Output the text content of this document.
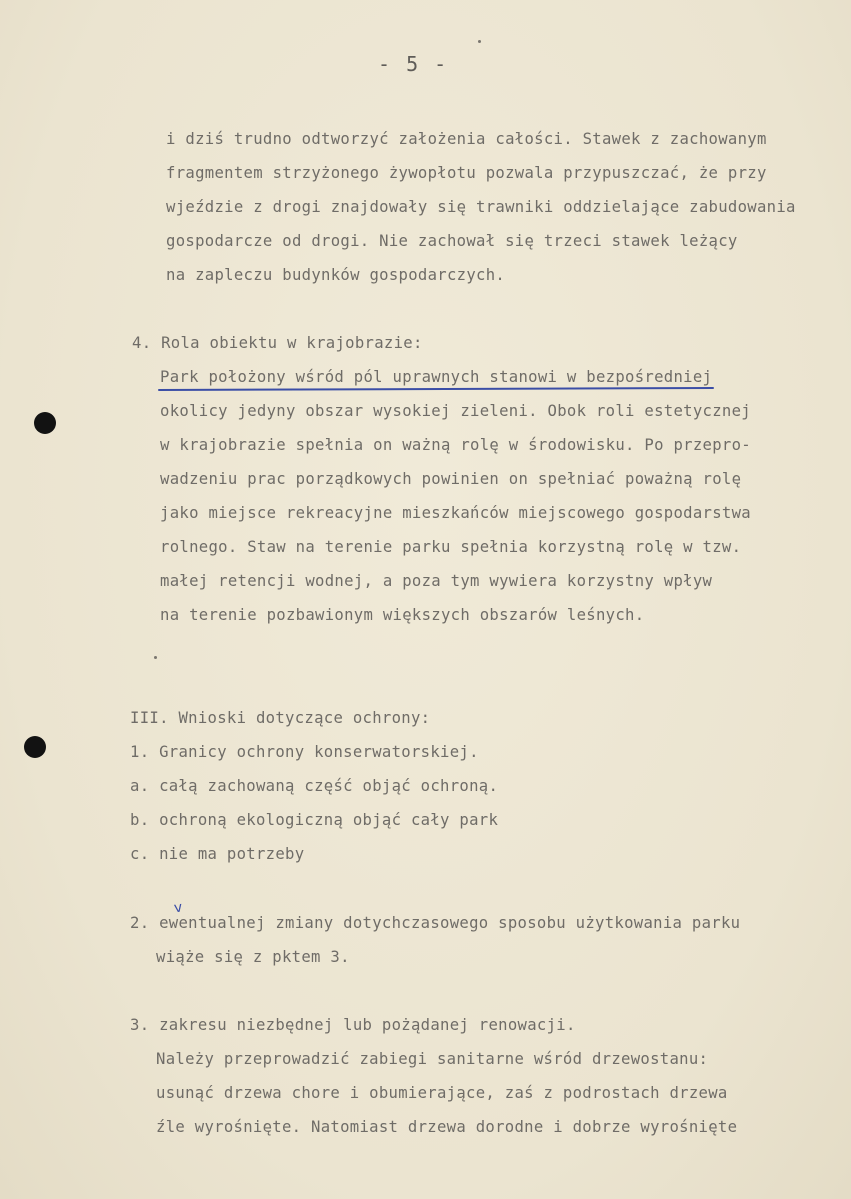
- 5 -
i dziś trudno odtworzyć założenia całości. Stawek z zachowanym
fragmentem strzyżonego żywopłotu pozwala przypuszczać, że przy
wjeździe z drogi znajdowały się trawniki oddzielające zabudowania
gospodarcze od drogi. Nie zachował się trzeci stawek leżący
na zapleczu budynków gospodarczych.
4. Rola obiektu w krajobrazie:
Park położony wśród pól uprawnych stanowi w bezpośredniej
okolicy jedyny obszar wysokiej zieleni. Obok roli estetycznej
w krajobrazie spełnia on ważną rolę w środowisku. Po przepro-
wadzeniu prac porządkowych powinien on spełniać poważną rolę
jako miejsce rekreacyjne mieszkańców miejscowego gospodarstwa
rolnego. Staw na terenie parku spełnia korzystną rolę w tzw.
małej retencji wodnej, a poza tym wywiera korzystny wpływ
na terenie pozbawionym większych obszarów leśnych.
III. Wnioski dotyczące ochrony:
1. Granicy ochrony konserwatorskiej.
a. całą zachowaną część objąć ochroną.
b. ochroną ekologiczną objąć cały park
c. nie ma potrzeby
v
2. ewentualnej zmiany dotychczasowego sposobu użytkowania parku
wiąże się z pktem 3.
3. zakresu niezbędnej lub pożądanej renowacji.
Należy przeprowadzić zabiegi sanitarne wśród drzewostanu:
usunąć drzewa chore i obumierające, zaś z podrostach drzewa
źle wyrośnięte. Natomiast drzewa dorodne i dobrze wyrośnięte
